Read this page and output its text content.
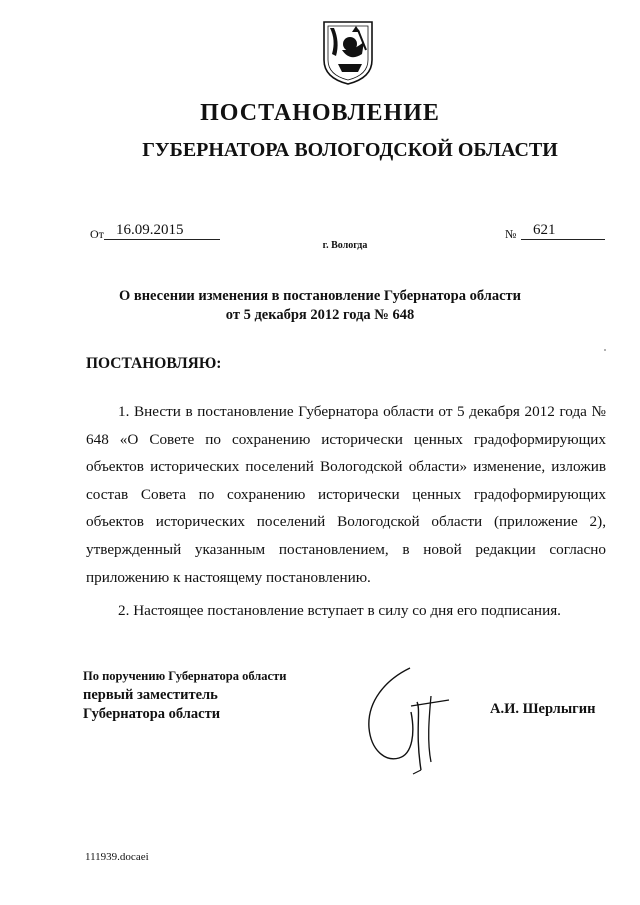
ПОСТАНОВЛЕНИЕ
ГУБЕРНАТОРА ВОЛОГОДСКОЙ ОБЛАСТИ
От 16.09.2015	№	621
г. Вологда
О внесении изменения в постановление Губернатора области
от 5 декабря 2012 года № 648
ПОСТАНОВЛЯЮ:

1. Внести в постановление Губернатора области от 5 декабря 2012 года № 648 «О Совете по сохранению исторически ценных градоформирующих объектов исторических поселений Вологодской области» изменение, изложив состав Совета по сохранению исторически ценных градоформирующих объектов исторических поселений Вологодской области (приложение 2), утвержденный указанным постановлением, в новой редакции согласно приложению к настоящему постановлению.

2. Настоящее постановление вступает в силу со дня его подписания.

По поручению Губернатора области
первый заместитель
Губернатора области	А.И. Шерлыгин
111939.docaei
